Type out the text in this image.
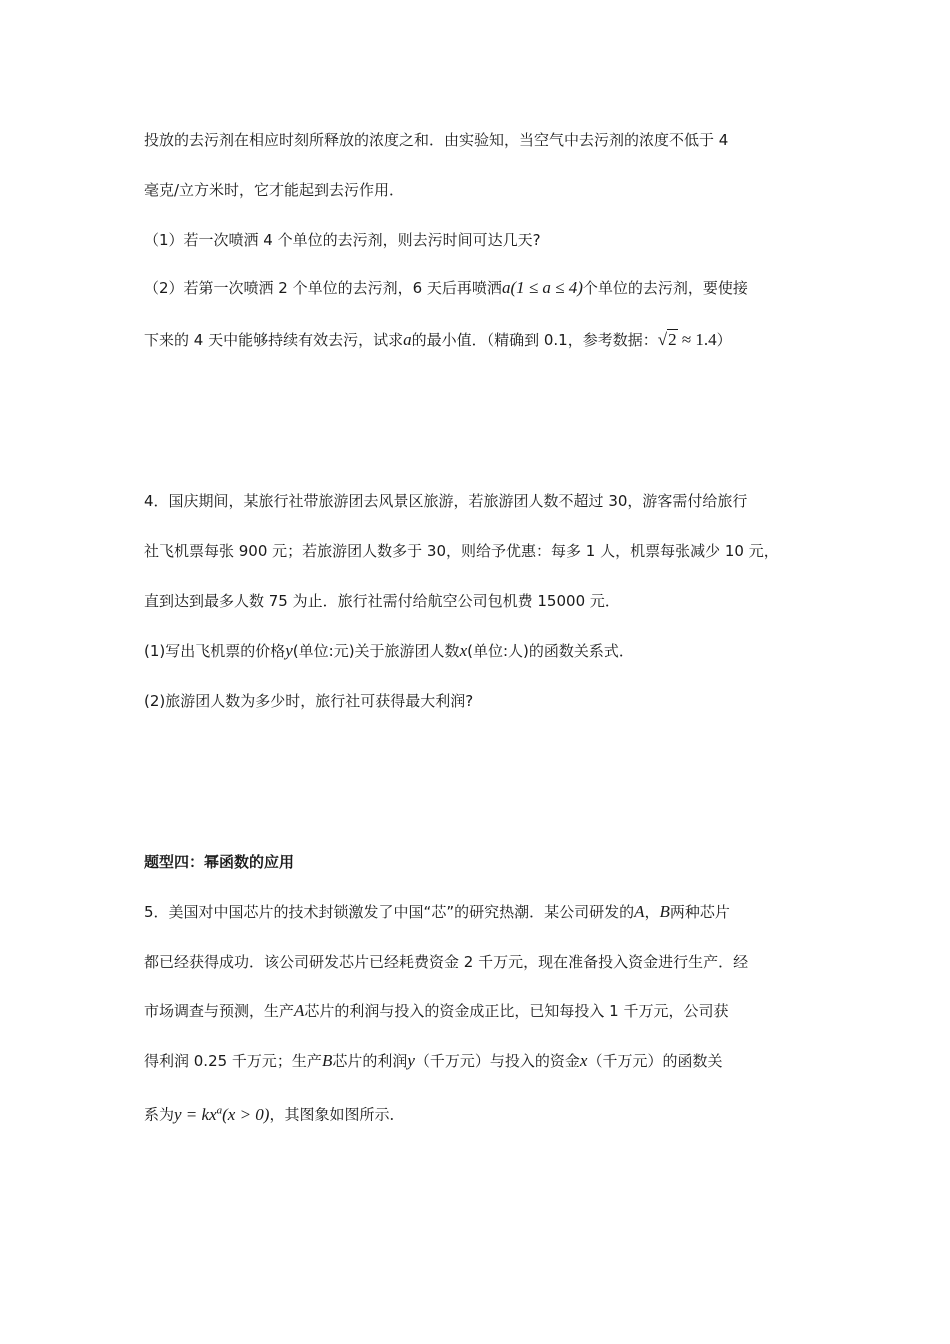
投放的去污剂在相应时刻所释放的浓度之和．由实验知，当空气中去污剂的浓度不低于 4
毫克/立方米时，它才能起到去污作用．
（1）若一次喷洒 4 个单位的去污剂，则去污时间可达几天?
（2）若第一次喷洒 2 个单位的去污剂，6 天后再喷洒a(1 ≤ a ≤ 4)个单位的去污剂，要使接
下来的 4 天中能够持续有效去污，试求a的最小值．（精确到 0.1，参考数据：√2 ≈ 1.4）
4．国庆期间，某旅行社带旅游团去风景区旅游，若旅游团人数不超过 30，游客需付给旅行
社飞机票每张 900 元；若旅游团人数多于 30，则给予优惠：每多 1 人，机票每张减少 10 元，
直到达到最多人数 75 为止．旅行社需付给航空公司包机费 15000 元．
(1)写出飞机票的价格y(单位:元)关于旅游团人数x(单位:人)的函数关系式．
(2)旅游团人数为多少时，旅行社可获得最大利润?
题型四：幂函数的应用
5．美国对中国芯片的技术封锁激发了中国“芯”的研究热潮．某公司研发的A，B两种芯片
都已经获得成功．该公司研发芯片已经耗费资金 2 千万元，现在准备投入资金进行生产．经
市场调查与预测，生产A芯片的利润与投入的资金成正比，已知每投入 1 千万元，公司获
得利润 0.25 千万元；生产B芯片的利润y（千万元）与投入的资金x（千万元）的函数关
系为$y = kx^a(x > 0)$，其图象如图所示．
